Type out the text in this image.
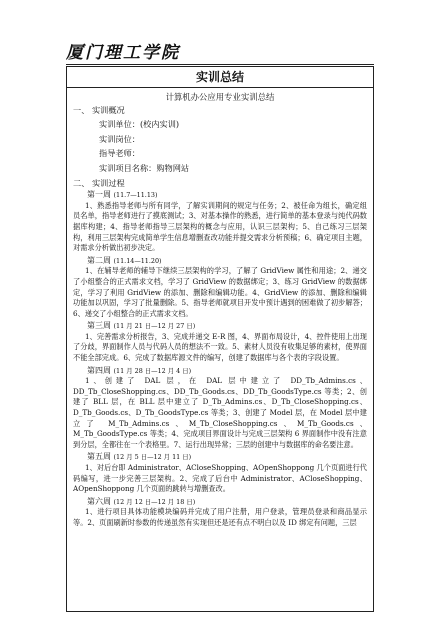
厦门理工学院
实训总结
计算机办公应用专业实训总结
一、 实训概况
实训单位：(校内实训)
实训岗位：
指导老师：
实训项目名称：购物网站
二、 实训过程
第一周 (11.7—11.13)

1、熟悉指导老师与所有同学，了解实训期间的规定与任务；2、被任命为组长，确定组员名单，指导老师进行了摸底测试；3、对基本操作的熟悉，进行简单的基本登录与纯代码数据库构建；4、指导老师指导三层架构的概念与应用，认识三层架构；5、自己练习三层架构，利用三层架构完成简单学生信息增删查改功能并提交需求分析预稿；6、确定项目主题，对需求分析做出初步决定。

第二周 (11.14—11.20)

1、在辅导老师的辅导下继续三层架构的学习，了解了 GridView 属性和用途；2、递交了小组整合的正式需求文档，学习了 GridView 的数据绑定；3、练习 GridView 的数据绑定，学习了利用 GridView 的添加、删除和编辑功能。4、GridView 的添加、删除和编辑功能加以巩固，学习了批量删除。5、指导老师就项目开发中预计遇到的困难做了初步解答；6、递交了小组整合的正式需求文档。

第三周 (11 月 21 日—12 月 27 日)

1、完善需求分析报告，3、完成并递交 E-R 图，4、界面布局设计，4、控件使用上出现了分歧，界面制作人员与代码人员的想法不一致。5、素材人员没有收集足够的素材，使界面不能全部完成。6、完成了数据库源文件的编写，创建了数据库与各个表的字段设置。

第四周 (11 月 28 日—12 月 4 日)

1、创建了 DAL 层，在 DAL 层中建立了 DD_Tb_Admins.cs、DD_Tb_CloseShopping.cs、DD_Tb_Goods.cs、DD_Tb_GoodsType.cs 等类；2、创建了 BLL 层，在 BLL 层中建立了 D_Tb_Admins.cs、D_Tb_CloseShopping.cs、D_Tb_Goods.cs、D_Tb_GoodsType.cs 等类；3、创建了 Model 层，在 Model 层中建立了 M_Tb_Admins.cs、M_Tb_CloseShopping.cs、M_Tb_Goods.cs、M_Tb_GoodsType.cs 等类；4、完成项目界面设计与完成三层架构 6 界面制作中没有注意到分层，全都往在一个表格里。7、运行出现异常；三层的创建中与数据库的命名要注意。

第五周 (12 月 5 日—12 月 11 日)

1、对后台即 Administrator、ACloseShopping、AOpenShoppong 几个页面进行代码编写，进一步完善三层架构。2、完成了后台中 Administrator、ACloseShopping、AOpenShoppong 几个页面的跳转与增删查改。

第六周 (12 月 12 日—12 月 18 日)

1、进行项目具体功能模块编码并完成了用户注册，用户登录，管理员登录和商品显示等。2、页面刷新时参数的传递虽然有实现但还是还有点不明白以及 ID 绑定有问题，三层
